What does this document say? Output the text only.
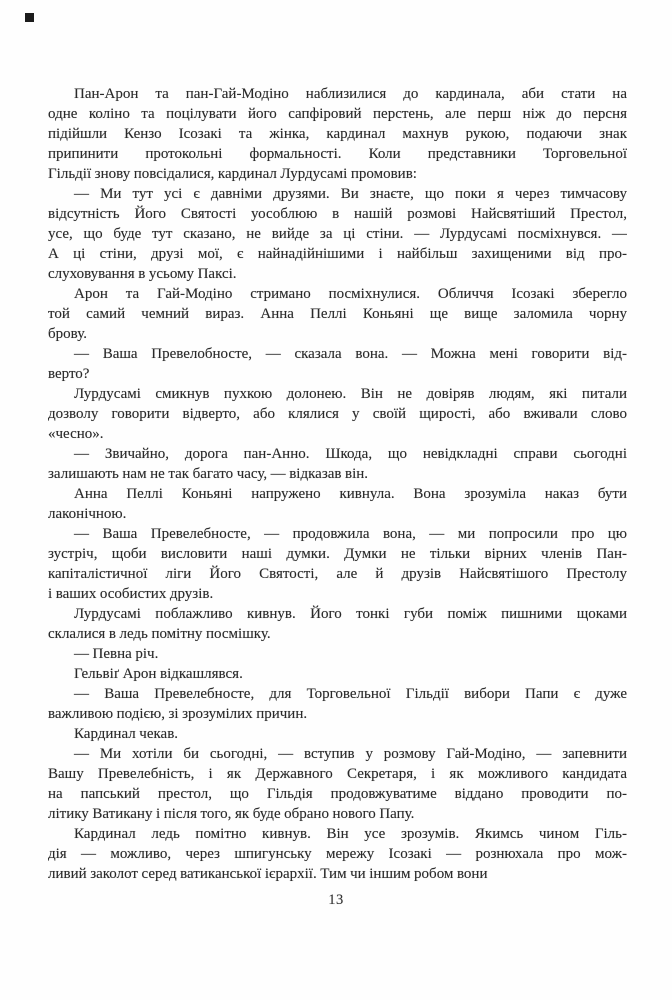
Пан-Арон та пан-Гай-Модіно наблизилися до кардинала, аби стати на
одне коліно та поцілувати його сапфіровий перстень, але перш ніж до персня
підійшли Кензо Ісозакі та жінка, кардинал махнув рукою, подаючи знак
припинити протокольні формальності. Коли представники Торговельної
Гільдії знову повсідалися, кардинал Лурдусамі промовив:

— Ми тут усі є давніми друзями. Ви знаєте, що поки я через тимчасову
відсутність Його Святості уособлюю в нашій розмові Найсвятіший Престол,
усе, що буде тут сказано, не вийде за ці стіни. — Лурдусамі посміхнувся. —
А ці стіни, друзі мої, є найнадійнішими і найбільш захищеними від про-
слуховування в усьому Паксі.

Арон та Гай-Модіно стримано посміхнулися. Обличчя Ісозакі зберегло
той самий чемний вираз. Анна Пеллі Коньяні ще вище заломила чорну
брову.

— Ваша Превелобносте, — сказала вона. — Можна мені говорити від-
верто?

Лурдусамі смикнув пухкою долонею. Він не довіряв людям, які питали
дозволу говорити відверто, або клялися у своїй щирості, або вживали слово
«чесно».

— Звичайно, дорога пан-Анно. Шкода, що невідкладні справи сьогодні
залишають нам не так багато часу, — відказав він.

Анна Пеллі Коньяні напружено кивнула. Вона зрозуміла наказ бути
лаконічною.

— Ваша Превелебносте, — продовжила вона, — ми попросили про цю
зустріч, щоби висловити наші думки. Думки не тільки вірних членів Пан-
капіталістичної ліги Його Святості, але й друзів Найсвятішого Престолу
і ваших особистих друзів.

Лурдусамі поблажливо кивнув. Його тонкі губи поміж пишними щоками
склалися в ледь помітну посмішку.

— Певна річ.

Гельвіґ Арон відкашлявся.

— Ваша Превелебносте, для Торговельної Гільдії вибори Папи є дуже
важливою подією, зі зрозумілих причин.

Кардинал чекав.

— Ми хотіли би сьогодні, — вступив у розмову Гай-Модіно, — запевнити
Вашу Превелебність, і як Державного Секретаря, і як можливого кандидата
на папський престол, що Гільдія продовжуватиме віддано проводити по-
літику Ватикану і після того, як буде обрано нового Папу.

Кардинал ледь помітно кивнув. Він усе зрозумів. Якимсь чином Гіль-
дія — можливо, через шпигунську мережу Ісозакі — рознюхала про мож-
ливий заколот серед ватиканської ієрархії. Тим чи іншим робом вони

13
